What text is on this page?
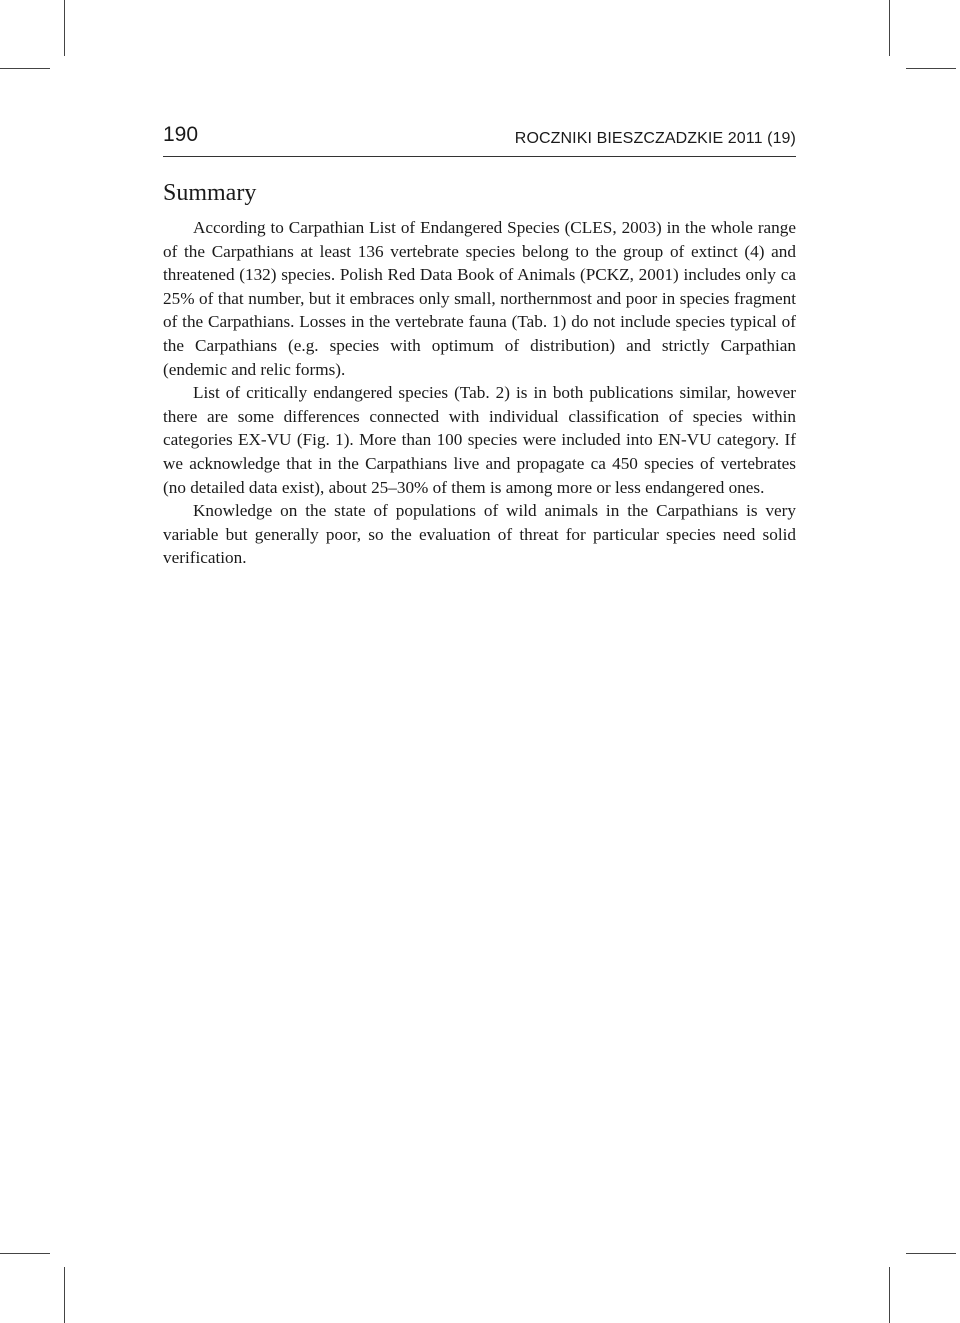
190	ROCZNIKI BIESZCZADZKIE 2011 (19)
Summary

According to Carpathian List of Endangered Species (CLES, 2003) in the whole range of the Carpathians at least 136 vertebrate species belong to the group of extinct (4) and threatened (132) species. Polish Red Data Book of Animals (PCKZ, 2001) includes only ca 25% of that number, but it embraces only small, northernmost and poor in species fragment of the Carpathians. Losses in the vertebrate fauna (Tab. 1) do not include species typical of the Carpathians (e.g. species with optimum of distribution) and strictly Carpathian (endemic and relic forms).

List of critically endangered species (Tab. 2) is in both publications similar, however there are some differences connected with individual classification of species within categories EX-VU (Fig. 1). More than 100 species were included into EN-VU category. If we acknowledge that in the Carpathians live and propagate ca 450 species of vertebrates (no detailed data exist), about 25–30% of them is among more or less endangered ones.

Knowledge on the state of populations of wild animals in the Carpathians is very variable but generally poor, so the evaluation of threat for particular species need solid verification.
